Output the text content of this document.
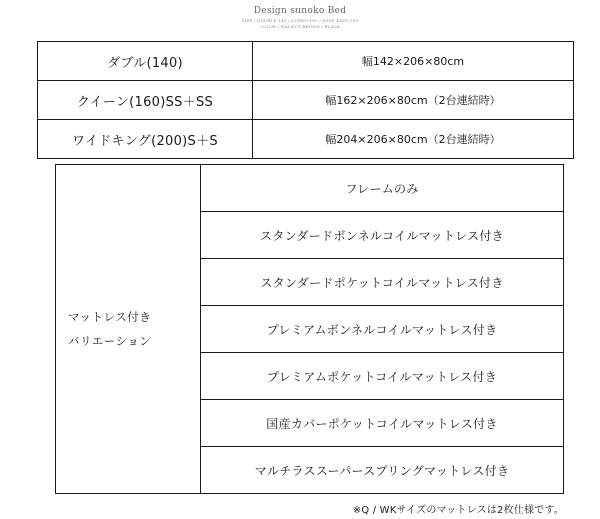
Design sunoko Bed
SIZE / DOUBLE-140 / QUEEN-160 / WIDE KING-200
COLOR / WALNUT BROWN / BLACK
ダブル(140)	幅142×206×80cm
クイーン(160)SS＋SS	幅162×206×80cm（2台連結時）
ワイドキング(200)S＋S	幅204×206×80cm（2台連結時）
マットレス付き
バリエーション
	フレームのみ
スタンダードボンネルコイルマットレス付き
スタンダードポケットコイルマットレス付き
プレミアムボンネルコイルマットレス付き
プレミアムポケットコイルマットレス付き
国産カバーポケットコイルマットレス付き
マルチラススーパースプリングマットレス付き
※Q / WKサイズのマットレスは2枚仕様です。
